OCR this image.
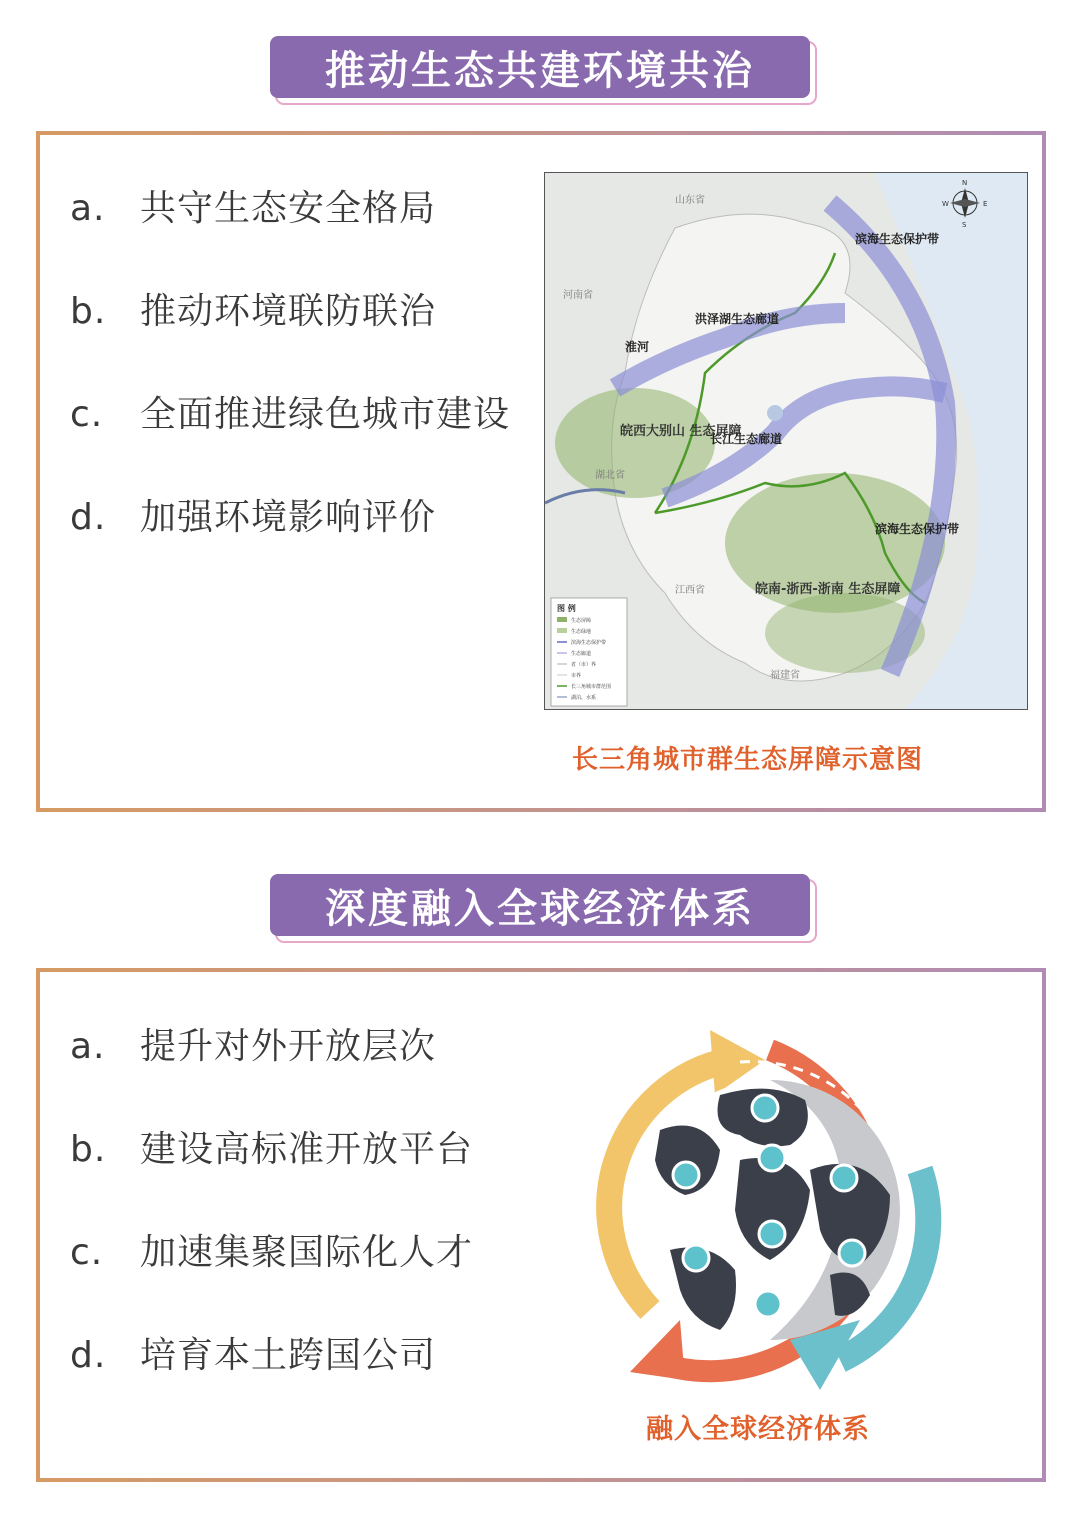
推动生态共建环境共治
a. 共守生态安全格局
b. 推动环境联防联治
c. 全面推进绿色城市建设
d. 加强环境影响评价
山东省
河南省
湖北省
江西省
福建省
皖西大别山 生态屏障
皖南-浙西-浙南 生态屏障
滨海生态保护带
淮河
洪泽湖生态廊道
长江生态廊道
滨海生态保护带
N
S
W	E
图 例
生态屏障
生态绿地
滨海生态保护带
生态廊道
省（市）界
市界
长三角城市群范围
湖泊、水系
长三角城市群生态屏障示意图
深度融入全球经济体系
a. 提升对外开放层次
b. 建设高标准开放平台
c. 加速集聚国际化人才
d. 培育本土跨国公司
融入全球经济体系
